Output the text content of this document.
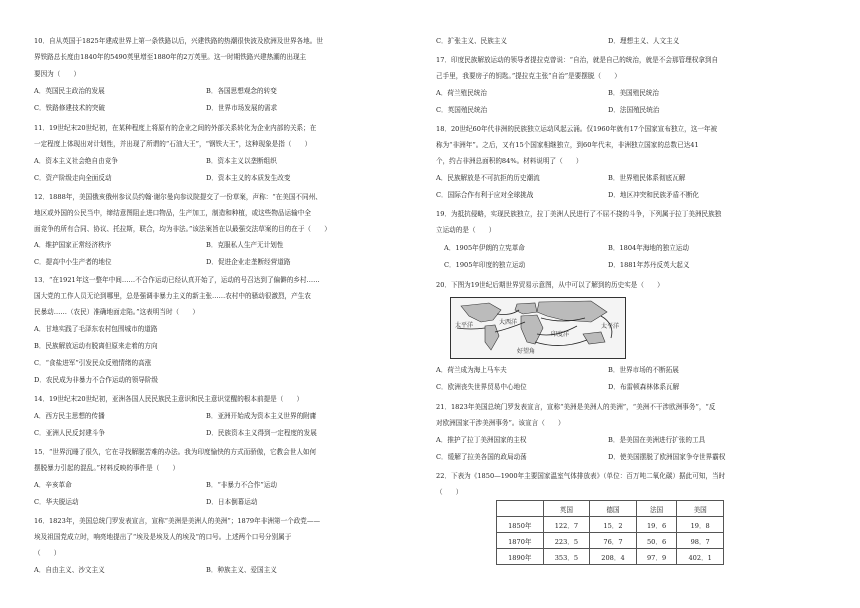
10．自从英国于1825年建成世界上第一条铁路以后，兴建铁路的热潮很快波及欧洲及世界各地。世
界铁路总长度由1840年的5490英里增至1880年的2万英里。这一时期铁路兴建热潮的出现主
要因为（　　）
A．英国民主政治的发展	B．各国思想观念的转变
C．铁路修建技术的突破	D．世界市场发展的需求
11．19世纪末20世纪初，在某种程度上将原有的企业之间的外部关系转化为企业内部的关系；在
一定程度上体现出对计划性，并出现了所谓的“石油大王”，“钢铁大王”，这种现象是指（　　）
A．资本主义社会绝自由竞争	B．资本主义以垄断组织
C．资产阶级走向全面反动	D．资本主义的本质发生改变
12．1888年，美国俄亥俄州参议员约翰·谢尔曼向参议院提交了一份草案，声称：“在美国不同州、
地区或外国的公民当中，缔结意图阻止进口物品，生产加工，制造和种植，或这些物品运输中全
面竞争的所有合同、协议、托拉斯，联合，均为非法。”该法案旨在以最强交法草案的目的在于（　　）
A．维护国家正常经济秩序	B．克服私人生产无计划性
C．提高中小生产者的地位	D．促进企业走垄断经营道路
13．“在1921年这一整年中间……不合作运动已经认真开始了，运动的号召达到了偏僻的乡村……
国大党的工作人员无论到哪里，总是强调非暴力主义的新主张……农村中的骚动很激烈，产生农
民暴动……（农民）准确地面走陷。”这表明当时（　　）
A．甘地实践了毛泽东农村包围城市的道路
B．民族解放运动有脱离但原来走着的方向
C．“食盐进军”引发民众反殖情绪的高涨
D．农民成为非暴力不合作运动的领导阶级
14．19世纪末20世纪初，亚洲各国人民民族民主意识和民主意识觉醒的根本前提是（　　）
A．西方民主思想的传播	B．亚洲开始成为资本主义世界的附庸
C．亚洲人民反封建斗争	D．民族资本主义得到一定程度的发展
15．“世界沉睡了很久，它在寻找解脱苦难的办法。我为印度愉快的方式而骄傲，它教会世人如何
摆脱暴力引起的混乱。”材料反映的事件是（　　）
A．辛亥革命	B．“非暴力不合作”运动
C．华夫脱运动	D．日本倒幕运动
16．1823年，美国总统门罗发表宣言，宣称“美洲是美洲人的美洲”；1879年非洲第一个政党——
埃及祖国党成立时，响亮地提出了“埃及是埃及人的埃及”的口号。上述两个口号分别属于
（　　）
A．自由主义、沙文主义	B．种族主义、爱国主义
C．扩张主义、民族主义	D．理想主义、人文主义
17．印度民族解放运动的领导者提拉克曾说：“自治，就是自己的统治，就是不会那管理权拿到自
己手里，我要房子的钥匙。”提拉克主张“自治”是要摆脱（　　）
A．荷兰殖民统治	B．美国殖民统治
C．英国殖民统治	D．法国殖民统治
18．20世纪60年代非洲的民族独立运动风起云涌。仅1960年就有17个国家宣布独立，这一年被
称为“非洲年”。之后，又有15个国家相继独立，到60年代末，非洲独立国家的总数已达41
个，约占非洲总面积的84%。材料说明了（　　）
A．民族解放是不可抗拒的历史潮流	B．世界殖民体系彻底瓦解
C．国际合作有利于应对全球挑战	D．地区冲突和民族矛盾不断化
19．为抵抗侵略，实现民族独立，拉丁美洲人民进行了不屈不挠的斗争，下列属于拉丁美洲民族独
立运动的是（　　）
A．1905年伊朗的立宪革命	B．1804年海地的独立运动
C．1905年印度的独立运动	D．1881年苏丹反英大起义
20．下图为19世纪后期世界贸易示意图，从中可以了解到的历史实是（　　）
太平洋	大西洋
太平洋
印度洋
好望角
A．荷兰成为海上马车夫	B．世界市场的不断拓展
C．欧洲丧失世界贸易中心地位	D．布雷顿森林体系瓦解
21．1823年美国总统门罗发表宣言，宣称“美洲是美洲人的美洲”，“美洲不干涉欧洲事务”，“反
对欧洲国家干涉美洲事务”。该宣言（　　）
A．推护了拉丁美洲国家的主权	B．是美国在美洲进行扩张的工具
C．缓解了拉美各国的政局动荡	D．使美国摆脱了欧洲国家争夺世界霸权
22．下表为《1850—1900年主要国家温室气体排放表》（单位：百万吨二氧化碳）据此可知，当时
（　　）
	英国	德国	法国	美国
1850年	122．7	15．2	19．6	19．8
1870年	223．5	76．7	50．6	98．7
1890年	353．5	208．4	97．9	402．1
